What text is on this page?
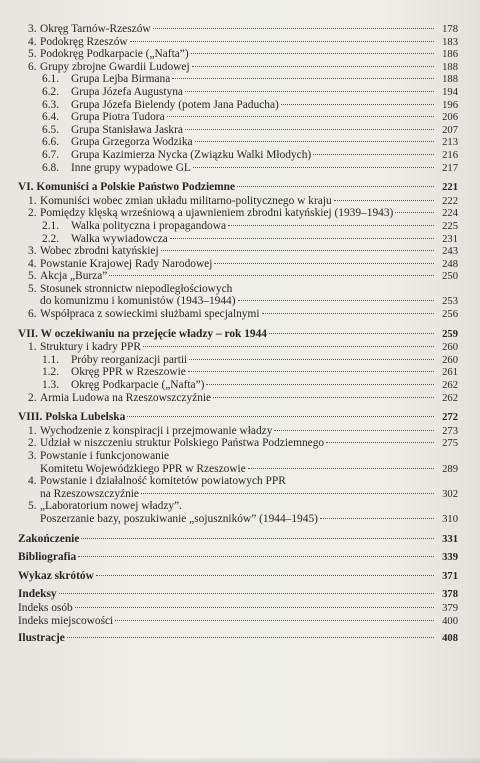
3. Okręg Tarnów-Rzeszów	178
4. Podokręg Rzeszów	183
5. Podokręg Podkarpacie („Nafta”)	186
6. Grupy zbrojne Gwardii Ludowej	188
6.1.	Grupa Lejba Birmana	188
6.2.	Grupa Józefa Augustyna	194
6.3.	Grupa Józefa Bielendy (potem Jana Paducha)	196
6.4.	Grupa Piotra Tudora	206
6.5.	Grupa Stanisława Jaskra	207
6.6.	Grupa Grzegorza Wodzika	213
6.7.	Grupa Kazimierza Nycka (Związku Walki Młodych)	216
6.8.	Inne grupy wypadowe GL	217
VI. Komuniści a Polskie Państwo Podziemne	221
1. Komuniści wobec zmian układu militarno-politycznego w kraju	222
2. Pomiędzy klęską wrześniową a ujawnieniem zbrodni katyńskiej (1939–1943)	224
2.1.	Walka polityczna i propagandowa	225
2.2.	Walka wywiadowcza	231
3. Wobec zbrodni katyńskiej	243
4. Powstanie Krajowej Rady Narodowej	248
5. Akcja „Burza”	250
5. Stosunek stronnictw niepodległościowych
do komunizmu i komunistów (1943–1944)	253
6. Współpraca z sowieckimi służbami specjalnymi	256
VII. W oczekiwaniu na przejęcie władzy – rok 1944	259
1. Struktury i kadry PPR	260
1.1.	Próby reorganizacji partii	260
1.2.	Okręg PPR w Rzeszowie	261
1.3.	Okręg Podkarpacie („Nafta”)	262
2. Armia Ludowa na Rzeszowszczyźnie	262
VIII. Polska Lubelska	272
1. Wychodzenie z konspiracji i przejmowanie władzy	273
2. Udział w niszczeniu struktur Polskiego Państwa Podziemnego	275
3. Powstanie i funkcjonowanie
Komitetu Wojewódzkiego PPR w Rzeszowie	289
4. Powstanie i działalność komitetów powiatowych PPR
na Rzeszowszczyźnie	302
5. „Laboratorium nowej władzy”.
Poszerzanie bazy, poszukiwanie „sojuszników” (1944–1945)	310
Zakończenie	331
Bibliografia	339
Wykaz skrótów	371
Indeksy	378
Indeks osób	379
Indeks miejscowości	400
Ilustracje	408
